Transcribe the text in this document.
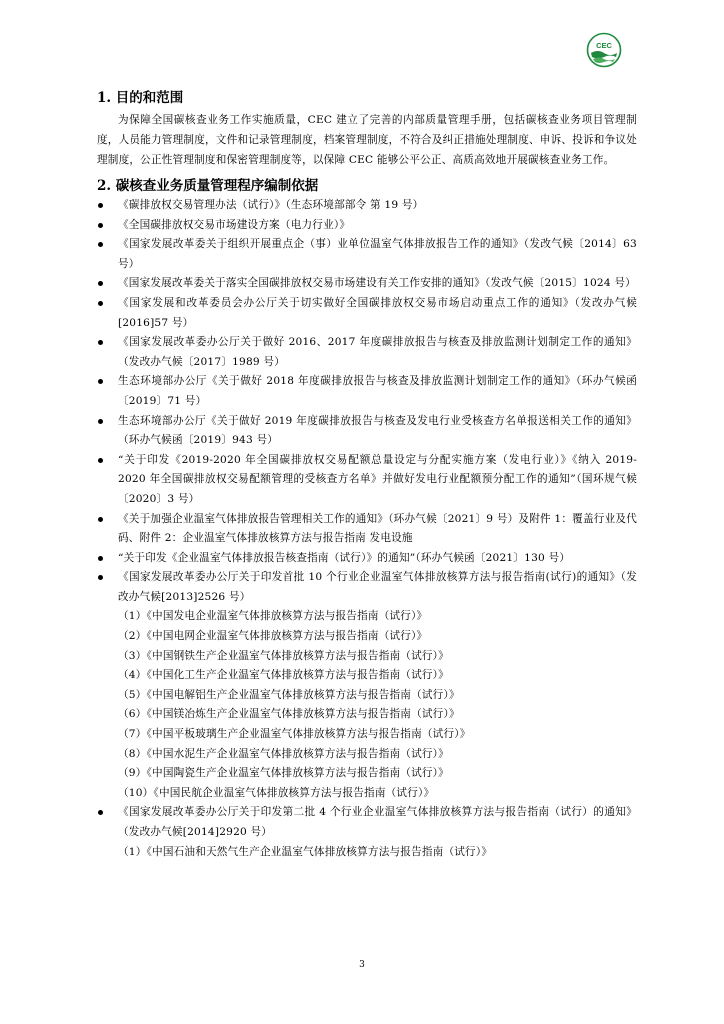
CEC
1. 目的和范围

为保障全国碳核查业务工作实施质量，CEC 建立了完善的内部质量管理手册，包括碳核查业务项目管理制度，人员能力管理制度，文件和记录管理制度，档案管理制度，不符合及纠正措施处理制度、申诉、投诉和争议处理制度，公正性管理制度和保密管理制度等，以保障 CEC 能够公平公正、高质高效地开展碳核查业务工作。

2. 碳核查业务质量管理程序编制依据
《碳排放权交易管理办法（试行）》（生态环境部部令 第 19 号）
《全国碳排放权交易市场建设方案（电力行业）》
《国家发展改革委关于组织开展重点企（事）业单位温室气体排放报告工作的通知》（发改气候〔2014〕63 号）
《国家发展改革委关于落实全国碳排放权交易市场建设有关工作安排的通知》（发改气候〔2015〕1024 号）
《国家发展和改革委员会办公厅关于切实做好全国碳排放权交易市场启动重点工作的通知》（发改办气候[2016]57 号）
《国家发展改革委办公厅关于做好 2016、2017 年度碳排放报告与核查及排放监测计划制定工作的通知》（发改办气候〔2017〕1989 号）
生态环境部办公厅《关于做好 2018 年度碳排放报告与核查及排放监测计划制定工作的通知》（环办气候函〔2019〕71 号）
生态环境部办公厅《关于做好 2019 年度碳排放报告与核查及发电行业受核查方名单报送相关工作的通知》（环办气候函〔2019〕943 号）
“关于印发《2019-2020 年全国碳排放权交易配额总量设定与分配实施方案（发电行业）》《纳入 2019-2020 年全国碳排放权交易配额管理的受核查方名单》并做好发电行业配额预分配工作的通知”（国环规气候〔2020〕3 号）
《关于加强企业温室气体排放报告管理相关工作的通知》（环办气候〔2021〕9 号）及附件 1：覆盖行业及代码、附件 2：企业温室气体排放核算方法与报告指南 发电设施
“关于印发《企业温室气体排放报告核查指南（试行）》的通知”（环办气候函〔2021〕130 号）
《国家发展改革委办公厅关于印发首批 10 个行业企业温室气体排放核算方法与报告指南(试行)的通知》（发改办气候[2013]2526 号）
（1）《中国发电企业温室气体排放核算方法与报告指南（试行）》
（2）《中国电网企业温室气体排放核算方法与报告指南（试行）》
（3）《中国钢铁生产企业温室气体排放核算方法与报告指南（试行）》
（4）《中国化工生产企业温室气体排放核算方法与报告指南（试行）》
（5）《中国电解铝生产企业温室气体排放核算方法与报告指南（试行）》
（6）《中国镁冶炼生产企业温室气体排放核算方法与报告指南（试行）》
（7）《中国平板玻璃生产企业温室气体排放核算方法与报告指南（试行）》
（8）《中国水泥生产企业温室气体排放核算方法与报告指南（试行）》
（9）《中国陶瓷生产企业温室气体排放核算方法与报告指南（试行）》
（10）《中国民航企业温室气体排放核算方法与报告指南（试行）》
《国家发展改革委办公厅关于印发第二批 4 个行业企业温室气体排放核算方法与报告指南（试行）的通知》（发改办气候[2014]2920 号）
（1）《中国石油和天然气生产企业温室气体排放核算方法与报告指南（试行）》
3
